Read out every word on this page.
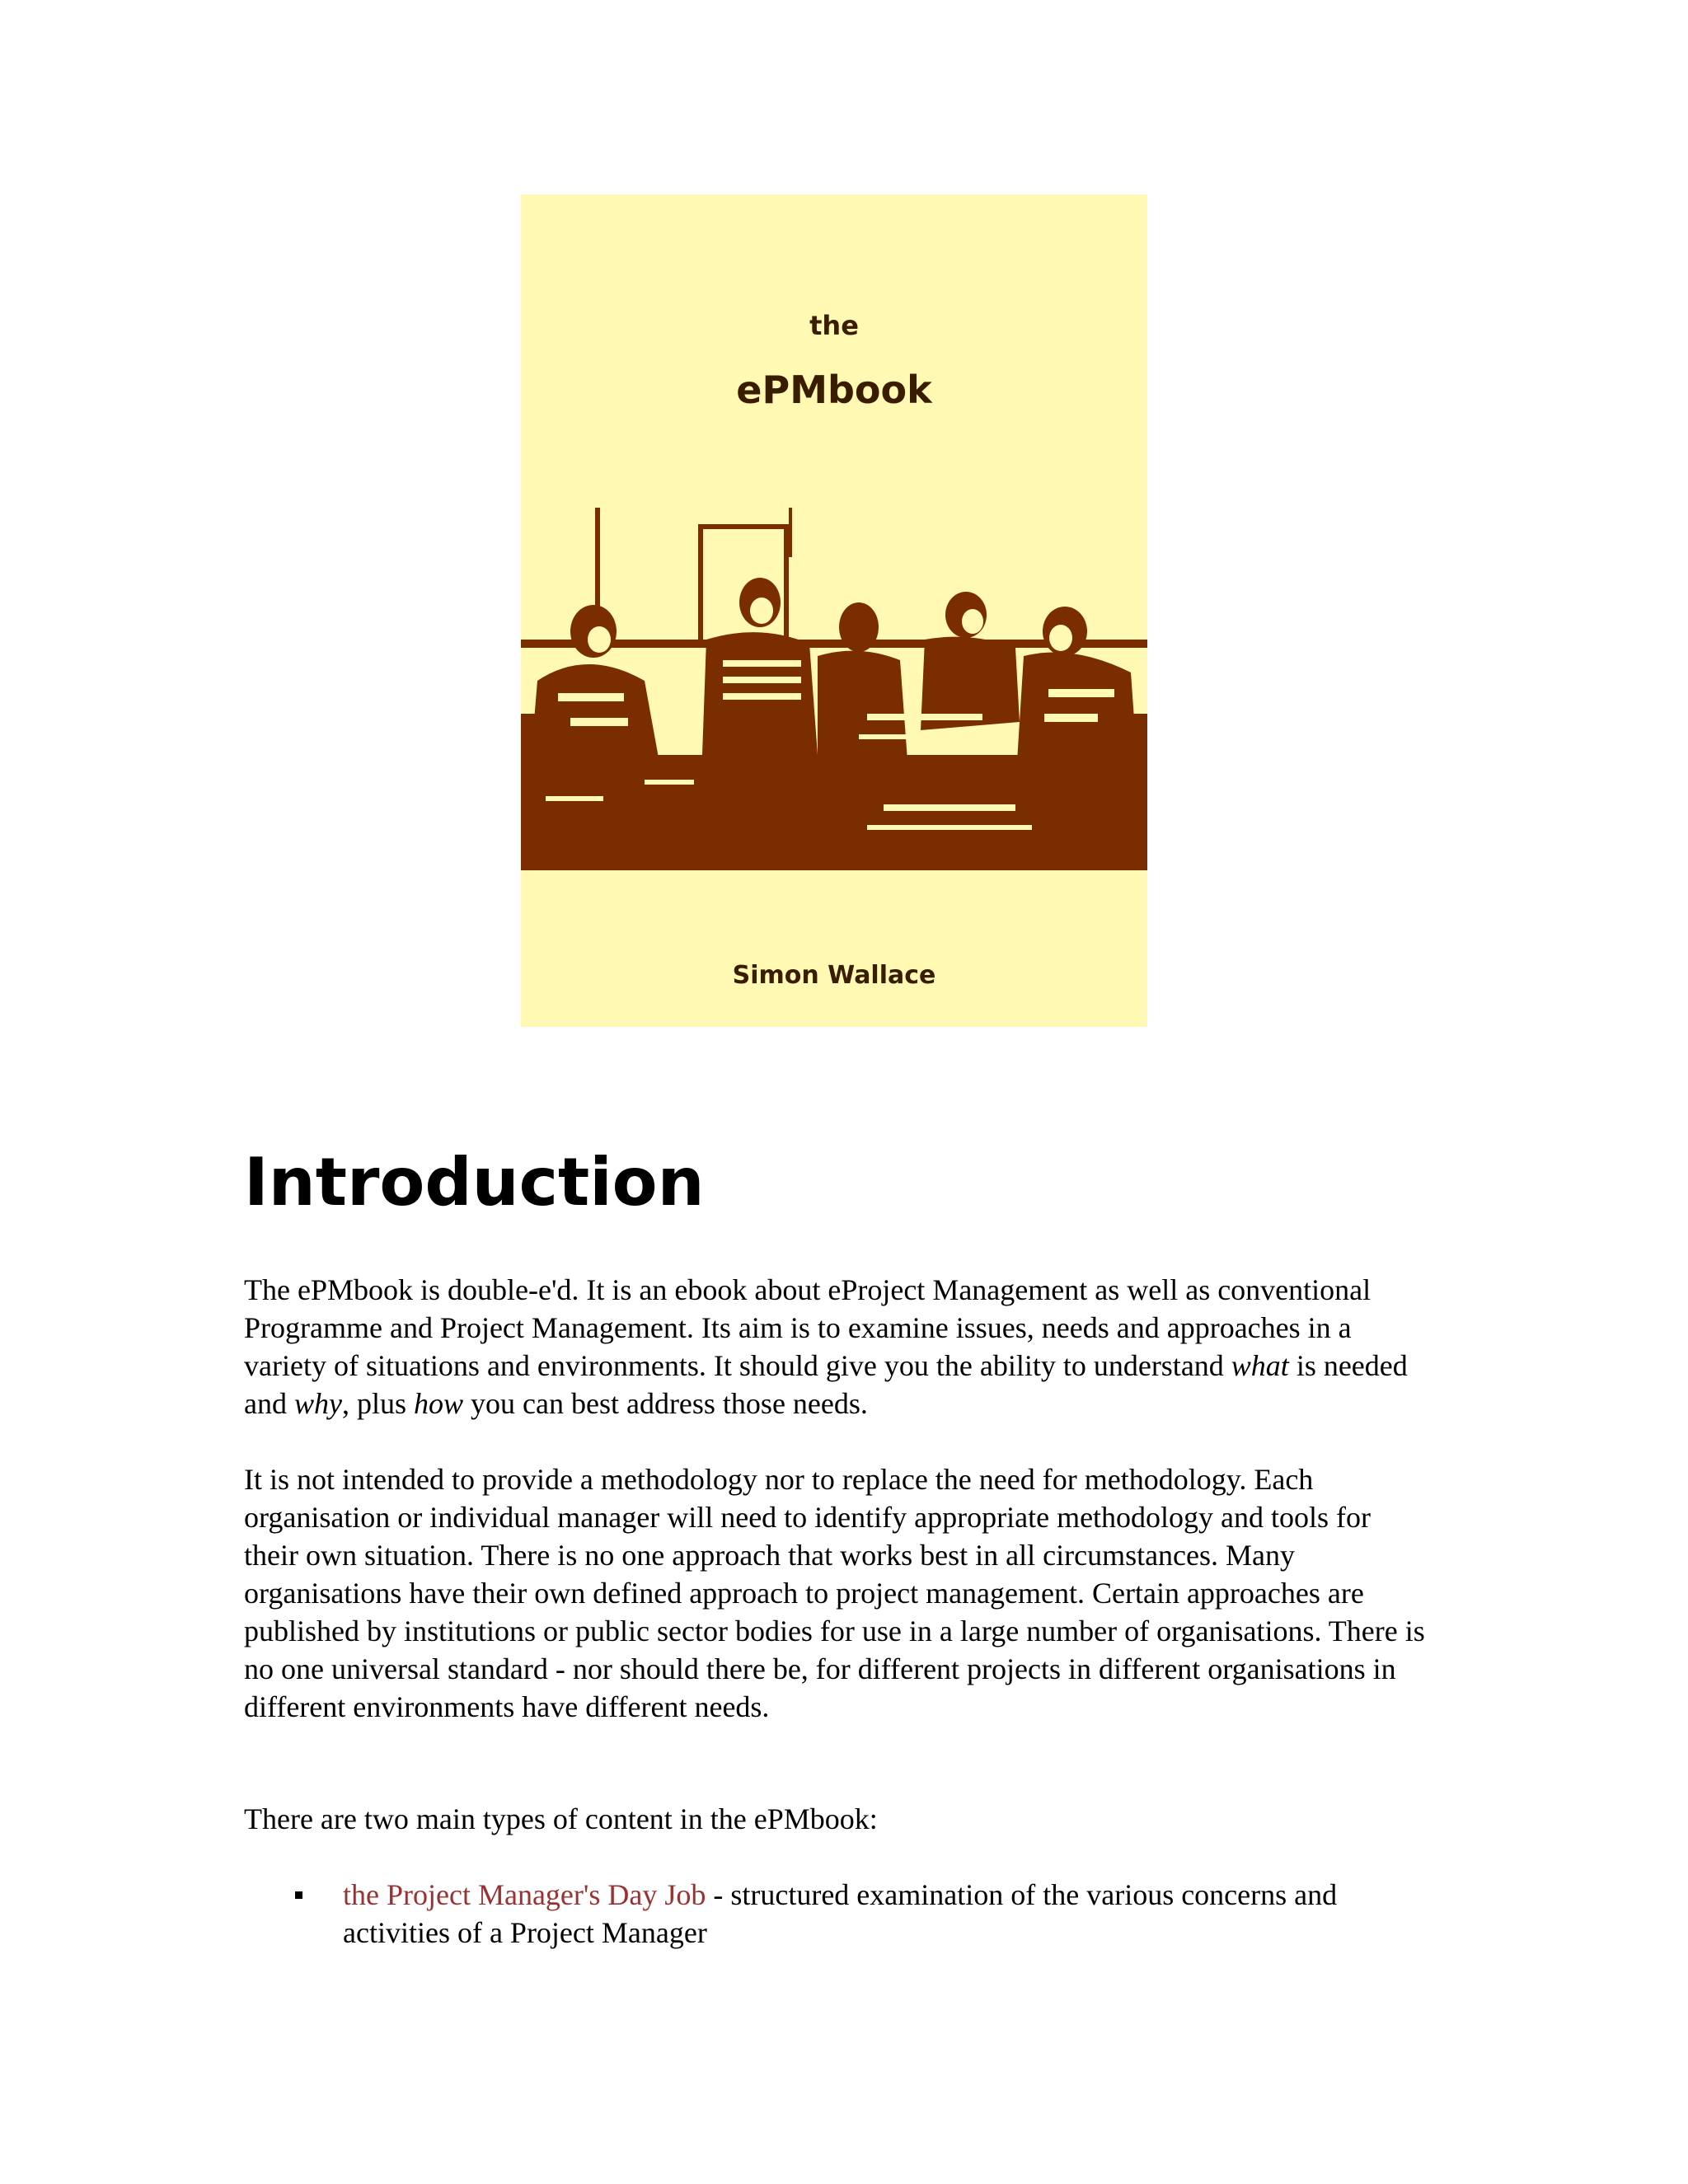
the
ePMbook
Simon Wallace
Introduction

The ePMbook is double-e'd. It is an ebook about eProject Management as well as conventional Programme and Project Management. Its aim is to examine issues, needs and approaches in a variety of situations and environments. It should give you the ability to understand what is needed and why, plus how you can best address those needs.

It is not intended to provide a methodology nor to replace the need for methodology. Each organisation or individual manager will need to identify appropriate methodology and tools for their own situation. There is no one approach that works best in all circumstances. Many organisations have their own defined approach to project management. Certain approaches are published by institutions or public sector bodies for use in a large number of organisations. There is no one universal standard - nor should there be, for different projects in different organisations in different environments have different needs.

There are two main types of content in the ePMbook:

the Project Manager's Day Job - structured examination of the various concerns and activities of a Project Manager
